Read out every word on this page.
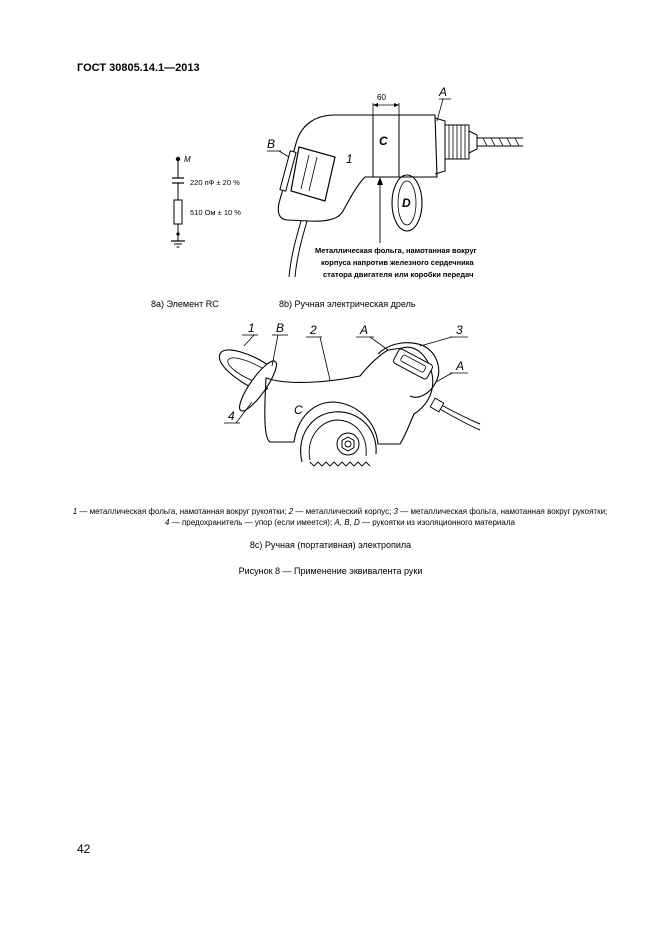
ГОСТ 30805.14.1—2013
M
220 пФ ± 20 %
510 Ом ± 10 %
C
60	A
D
B
1
Металлическая фольга, намотанная вокруг
корпуса напротив железного сердечника
статора двигателя или коробки передач
8a) Элемент RC	8b) Ручная электрическая дрель
1 B 2	A	3
A
4	C
1 — металлическая фольга, намотанная вокруг рукоятки; 2 — металлический корпус; 3 — металлическая фольга, намотанная вокруг рукоятки; 4 — предохранитель — упор (если имеется); A, B, D — рукоятки из изоляционного материала
8c) Ручная (портативная) электропила
Рисунок 8 — Применение эквивалента руки
42
